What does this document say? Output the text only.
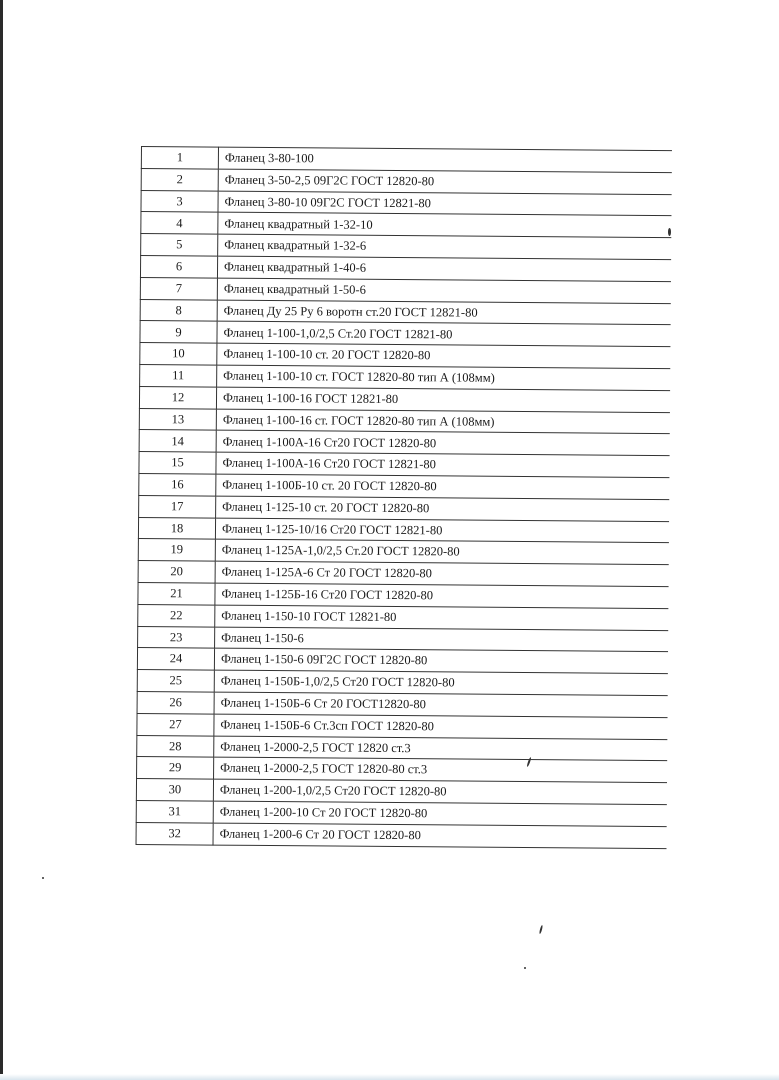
1	Фланец 3-80-100
2	Фланец 3-50-2,5 09Г2С ГОСТ 12820-80
3	Фланец 3-80-10 09Г2С ГОСТ 12821-80
4	Фланец квадратный 1-32-10
5	Фланец квадратный 1-32-6
6	Фланец квадратный 1-40-6
7	Фланец квадратный 1-50-6
8	Фланец Ду 25 Ру 6 воротн ст.20 ГОСТ 12821-80
9	Фланец 1-100-1,0/2,5 Ст.20 ГОСТ 12821-80
10	Фланец 1-100-10 ст. 20 ГОСТ 12820-80
11	Фланец 1-100-10 ст. ГОСТ 12820-80 тип А (108мм)
12	Фланец 1-100-16 ГОСТ 12821-80
13	Фланец 1-100-16 ст. ГОСТ 12820-80 тип А (108мм)
14	Фланец 1-100А-16 Ст20 ГОСТ 12820-80
15	Фланец 1-100А-16 Ст20 ГОСТ 12821-80
16	Фланец 1-100Б-10 ст. 20 ГОСТ 12820-80
17	Фланец 1-125-10 ст. 20 ГОСТ 12820-80
18	Фланец 1-125-10/16 Ст20 ГОСТ 12821-80
19	Фланец 1-125А-1,0/2,5 Ст.20 ГОСТ 12820-80
20	Фланец 1-125А-6 Ст 20 ГОСТ 12820-80
21	Фланец 1-125Б-16 Ст20 ГОСТ 12820-80
22	Фланец 1-150-10 ГОСТ 12821-80
23	Фланец 1-150-6
24	Фланец 1-150-6 09Г2С ГОСТ 12820-80
25	Фланец 1-150Б-1,0/2,5 Ст20 ГОСТ 12820-80
26	Фланец 1-150Б-6 Ст 20 ГОСТ12820-80
27	Фланец 1-150Б-6 Ст.3сп ГОСТ 12820-80
28	Фланец 1-2000-2,5 ГОСТ 12820 ст.3
29	Фланец 1-2000-2,5 ГОСТ 12820-80 ст.3
30	Фланец 1-200-1,0/2,5 Ст20 ГОСТ 12820-80
31	Фланец 1-200-10 Ст 20 ГОСТ 12820-80
32	Фланец 1-200-6 Ст 20 ГОСТ 12820-80
